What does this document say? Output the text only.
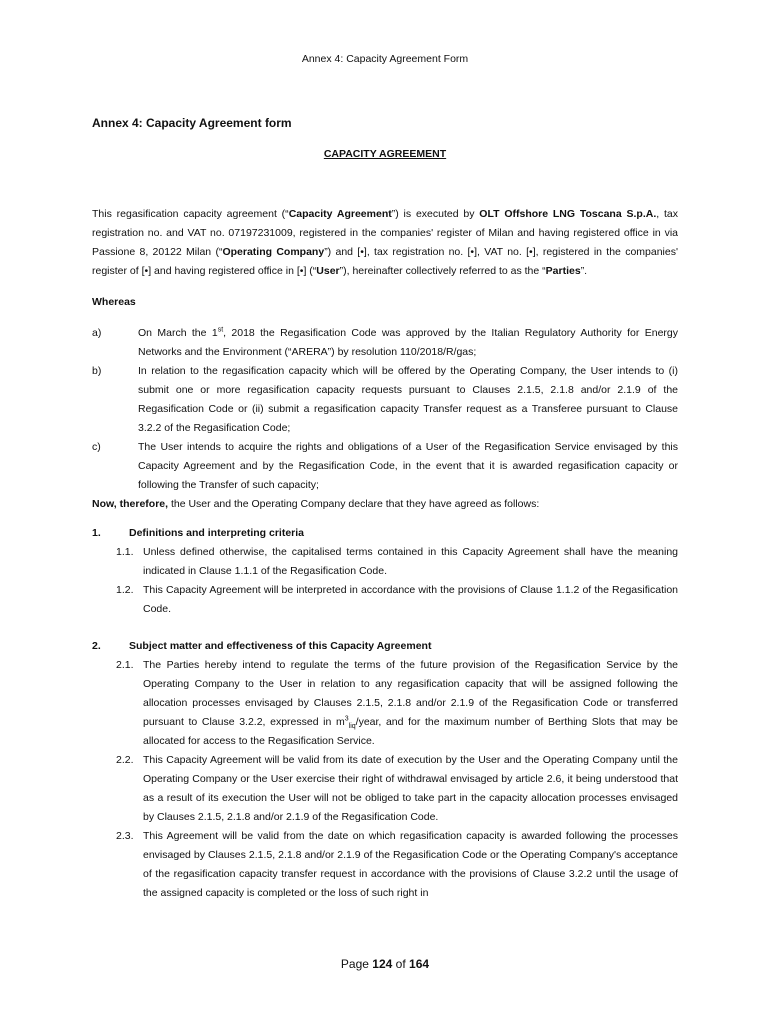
Annex 4: Capacity Agreement Form
Annex 4: Capacity Agreement form
CAPACITY AGREEMENT

This regasification capacity agreement (“Capacity Agreement”) is executed by OLT Offshore LNG Toscana S.p.A., tax registration no. and VAT no. 07197231009, registered in the companies' register of Milan and having registered office in via Passione 8, 20122 Milan (“Operating Company”) and [•], tax registration no. [•], VAT no. [•], registered in the companies' register of [•] and having registered office in [•] (“User”), hereinafter collectively referred to as the “Parties”.

Whereas

a)	On March the 1st, 2018 the Regasification Code was approved by the Italian Regulatory Authority for Energy Networks and the Environment (“ARERA”) by resolution 110/2018/R/gas;
b)	In relation to the regasification capacity which will be offered by the Operating Company, the User intends to (i) submit one or more regasification capacity requests pursuant to Clauses 2.1.5, 2.1.8 and/or 2.1.9 of the Regasification Code or (ii) submit a regasification capacity Transfer request as a Transferee pursuant to Clause 3.2.2 of the Regasification Code;
c)	The User intends to acquire the rights and obligations of a User of the Regasification Service envisaged by this Capacity Agreement and by the Regasification Code, in the event that it is awarded regasification capacity or following the Transfer of such capacity;

Now, therefore, the User and the Operating Company declare that they have agreed as follows:

1.	Definitions and interpreting criteria
1.1. Unless defined otherwise, the capitalised terms contained in this Capacity Agreement shall have the meaning indicated in Clause 1.1.1 of the Regasification Code.
1.2. This Capacity Agreement will be interpreted in accordance with the provisions of Clause 1.1.2 of the Regasification Code.
2.	Subject matter and effectiveness of this Capacity Agreement
2.1. The Parties hereby intend to regulate the terms of the future provision of the Regasification Service by the Operating Company to the User in relation to any regasification capacity that will be assigned following the allocation processes envisaged by Clauses 2.1.5, 2.1.8 and/or 2.1.9 of the Regasification Code or transferred pursuant to Clause 3.2.2, expressed in $m^3_{liq}$/year, and for the maximum number of Berthing Slots that may be allocated for access to the Regasification Service.
2.2. This Capacity Agreement will be valid from its date of execution by the User and the Operating Company until the Operating Company or the User exercise their right of withdrawal envisaged by article 2.6, it being understood that as a result of its execution the User will not be obliged to take part in the capacity allocation processes envisaged by Clauses 2.1.5, 2.1.8 and/or 2.1.9 of the Regasification Code.
2.3. This Agreement will be valid from the date on which regasification capacity is awarded following the processes envisaged by Clauses 2.1.5, 2.1.8 and/or 2.1.9 of the Regasification Code or the Operating Company's acceptance of the regasification capacity transfer request in accordance with the provisions of Clause 3.2.2 until the usage of the assigned capacity is completed or the loss of such right in
Page 124 of 164
